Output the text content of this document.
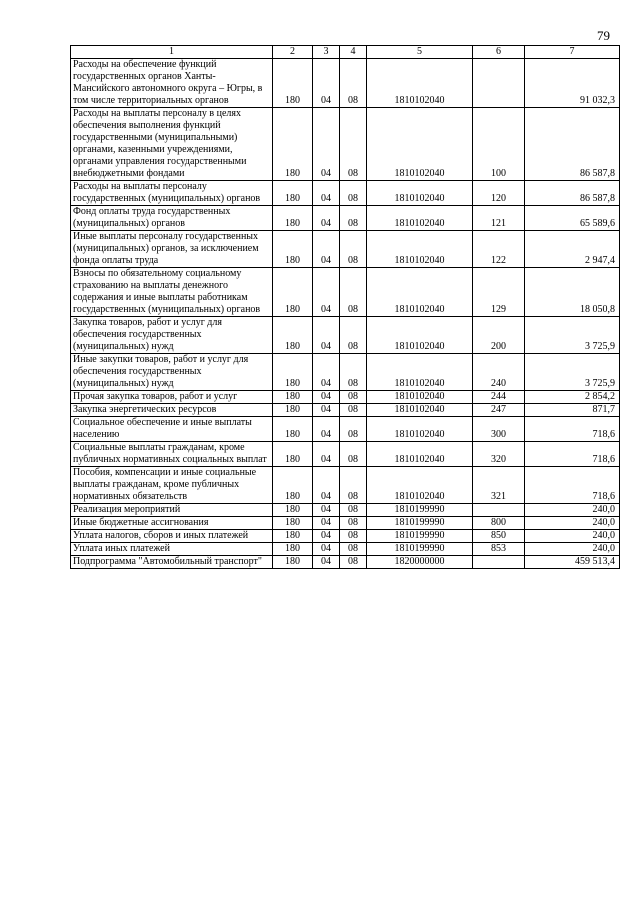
79
1	2	3	4	5	6	7
Расходы на обеспечение функций государственных органов Ханты-Мансийского автономного округа – Югры, в том числе территориальных органов	180	04	08	1810102040		91 032,3
Расходы на выплаты персоналу в целях обеспечения выполнения функций государственными (муниципальными) органами, казенными учреждениями, органами управления государственными внебюджетными фондами	180	04	08	1810102040	100	86 587,8
Расходы на выплаты персоналу государственных (муниципальных) органов	180	04	08	1810102040	120	86 587,8
Фонд оплаты труда государственных (муниципальных) органов	180	04	08	1810102040	121	65 589,6
Иные выплаты персоналу государственных (муниципальных) органов, за исключением фонда оплаты труда	180	04	08	1810102040	122	2 947,4
Взносы по обязательному социальному страхованию на выплаты денежного содержания и иные выплаты работникам государственных (муниципальных) органов	180	04	08	1810102040	129	18 050,8
Закупка товаров, работ и услуг для обеспечения государственных (муниципальных) нужд	180	04	08	1810102040	200	3 725,9
Иные закупки товаров, работ и услуг для обеспечения государственных (муниципальных) нужд	180	04	08	1810102040	240	3 725,9
Прочая закупка товаров, работ и услуг	180	04	08	1810102040	244	2 854,2
Закупка энергетических ресурсов	180	04	08	1810102040	247	871,7
Социальное обеспечение и иные выплаты населению	180	04	08	1810102040	300	718,6
Социальные выплаты гражданам, кроме публичных нормативных социальных выплат	180	04	08	1810102040	320	718,6
Пособия, компенсации и иные социальные выплаты гражданам, кроме публичных нормативных обязательств	180	04	08	1810102040	321	718,6
Реализация мероприятий	180	04	08	1810199990		240,0
Иные бюджетные ассигнования	180	04	08	1810199990	800	240,0
Уплата налогов, сборов и иных платежей	180	04	08	1810199990	850	240,0
Уплата иных платежей	180	04	08	1810199990	853	240,0
Подпрограмма "Автомобильный транспорт"	180	04	08	1820000000		459 513,4
